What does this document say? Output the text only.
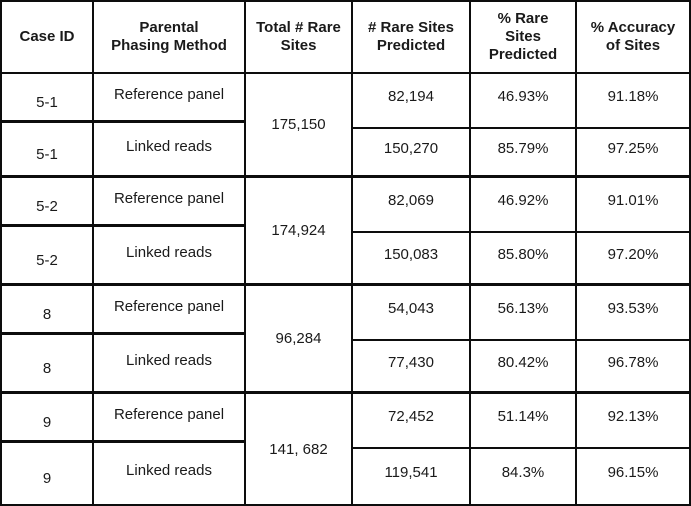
Case ID
Parental
Phasing Method
Total # Rare
Sites
# Rare Sites
Predicted
% Rare
Sites
Predicted
% Accuracy
of Sites
5-1
5-1
Reference panel
Linked reads
175,150
82,194
150,270
46.93%
85.79%
91.18%
97.25%
5-2
5-2
Reference panel
Linked reads
174,924
82,069
150,083
46.92%
85.80%
91.01%
97.20%
8
8
Reference panel
Linked reads
96,284
54,043
77,430
56.13%
80.42%
93.53%
96.78%
9
9
Reference panel
Linked reads
141, 682
72,452
119,541
51.14%
84.3%
92.13%
96.15%
